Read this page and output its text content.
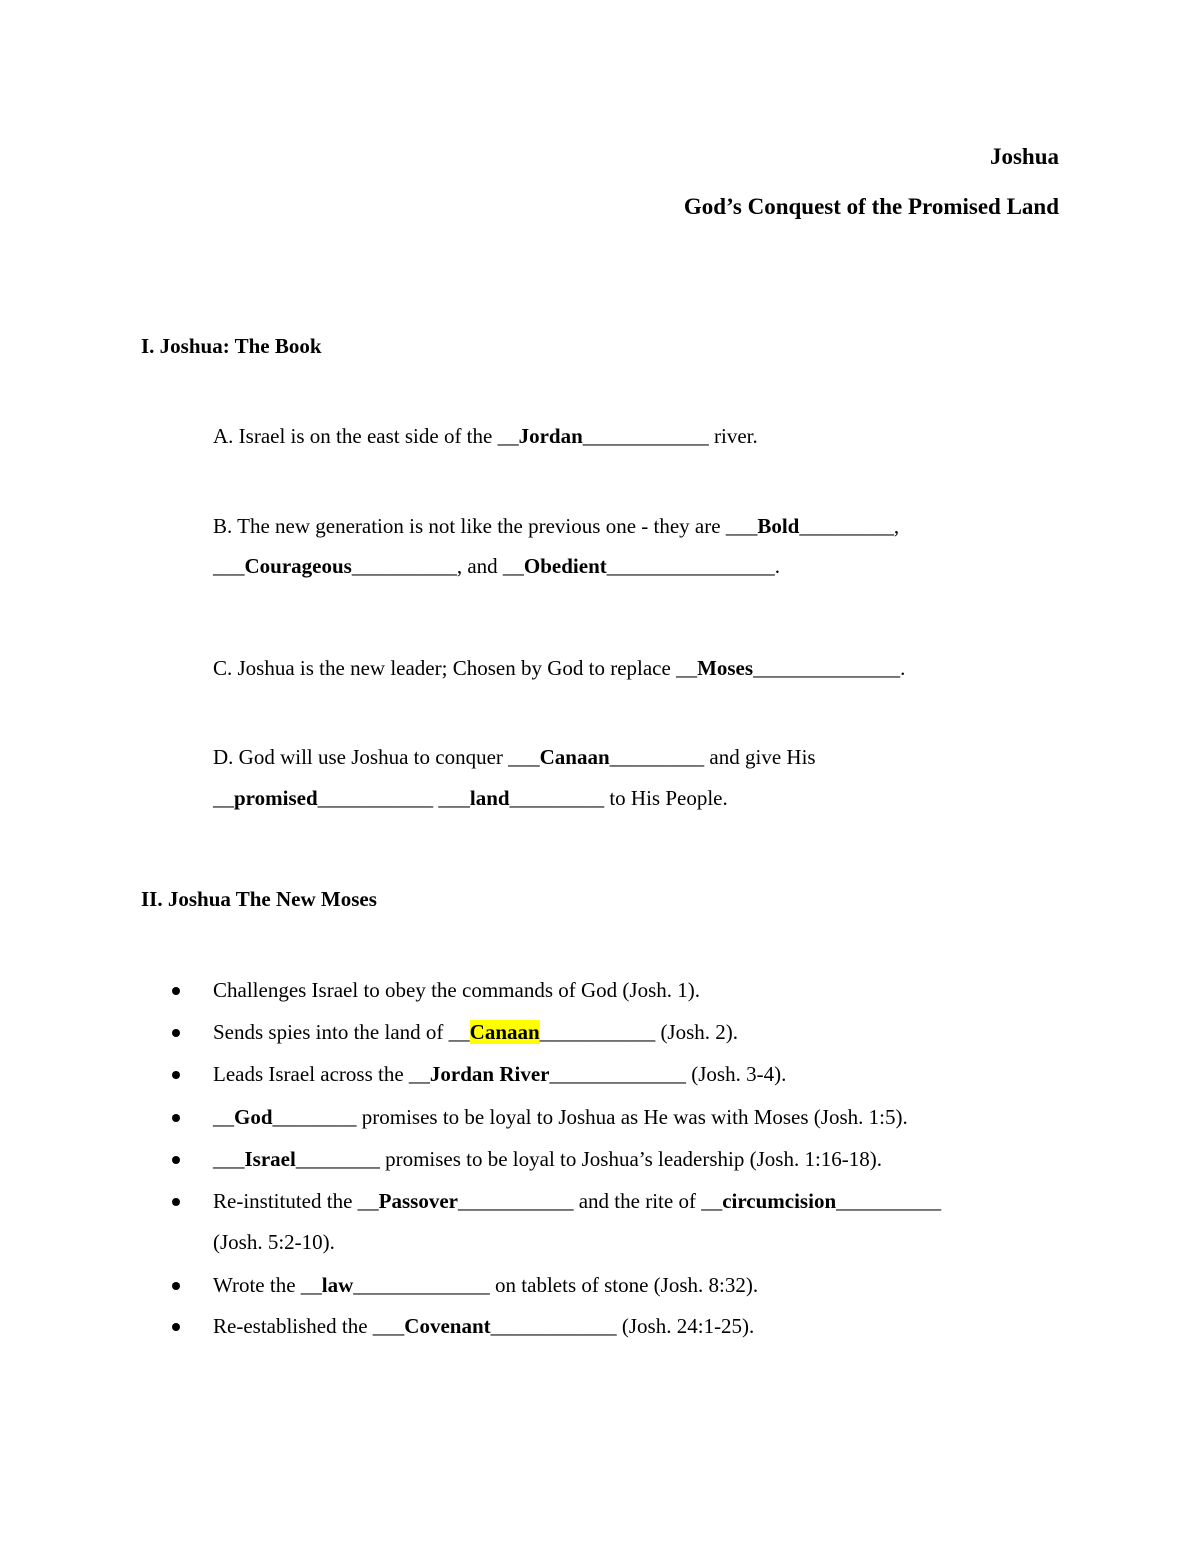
Joshua
God’s Conquest of the Promised Land
I. Joshua: The Book
A. Israel is on the east side of the __Jordan____________ river.
B. The new generation is not like the previous one - they are ___Bold_________,
___Courageous__________, and __Obedient________________.
C. Joshua is the new leader; Chosen by God to replace __Moses______________.
D. God will use Joshua to conquer ___Canaan_________ and give His
__promised___________ ___land_________ to His People.
II. Joshua The New Moses
Challenges Israel to obey the commands of God (Josh. 1).
Sends spies into the land of __Canaan___________ (Josh. 2).
Leads Israel across the __Jordan River_____________ (Josh. 3-4).
__God________ promises to be loyal to Joshua as He was with Moses (Josh. 1:5).
___Israel________ promises to be loyal to Joshua’s leadership (Josh. 1:16-18).
Re-instituted the __Passover___________ and the rite of __circumcision__________
(Josh. 5:2-10).
Wrote the __law_____________ on tablets of stone (Josh. 8:32).
Re-established the ___Covenant____________ (Josh. 24:1-25).
